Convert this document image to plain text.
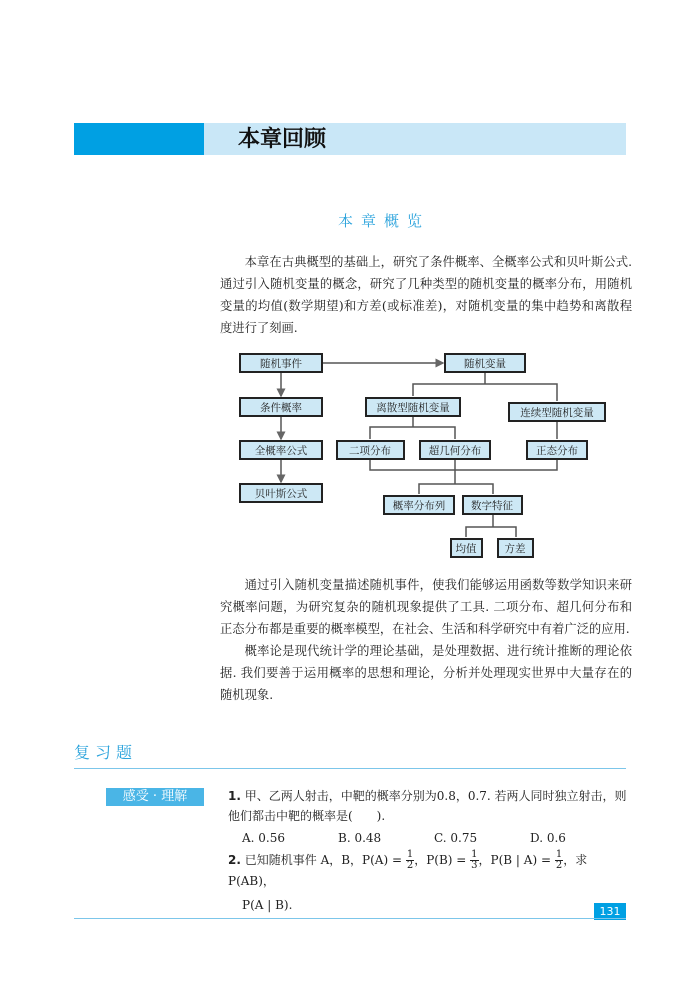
本章回顾
本章概览

本章在古典概型的基础上，研究了条件概率、全概率公式和贝叶斯公式. 通过引入随机变量的概念，研究了几种类型的随机变量的概率分布，用随机变量的均值(数学期望)和方差(或标准差)，对随机变量的集中趋势和离散程度进行了刻画.

随机事件	随机变量
条件概率	离散型随机变量	连续型随机变量
全概率公式	二项分布	超几何分布	正态分布
贝叶斯公式
概率分布列 数字特征
均值	方差

通过引入随机变量描述随机事件，使我们能够运用函数等数学知识来研究概率问题，为研究复杂的随机现象提供了工具. 二项分布、超几何分布和正态分布都是重要的概率模型，在社会、生活和科学研究中有着广泛的应用.

概率论是现代统计学的理论基础，是处理数据、进行统计推断的理论依据. 我们要善于运用概率的思想和理论，分析并处理现实世界中大量存在的随机现象.

复习题
感受 · 理解	1. 甲、乙两人射击，中靶的概率分别为0.8，0.7. 若两人同时独立射击，则他们都击中靶的概率是(　　).
A. 0.56	B. 0.48	C. 0.75	D. 0.6
2. 已知随机事件 A，B，$P(A) = \frac{1}{2}$ ，$P(B) = \frac{1}{3}$ ，P(B | $A) = \frac{1}{2}$ ，求 P(AB)，
P(A | B).	131
